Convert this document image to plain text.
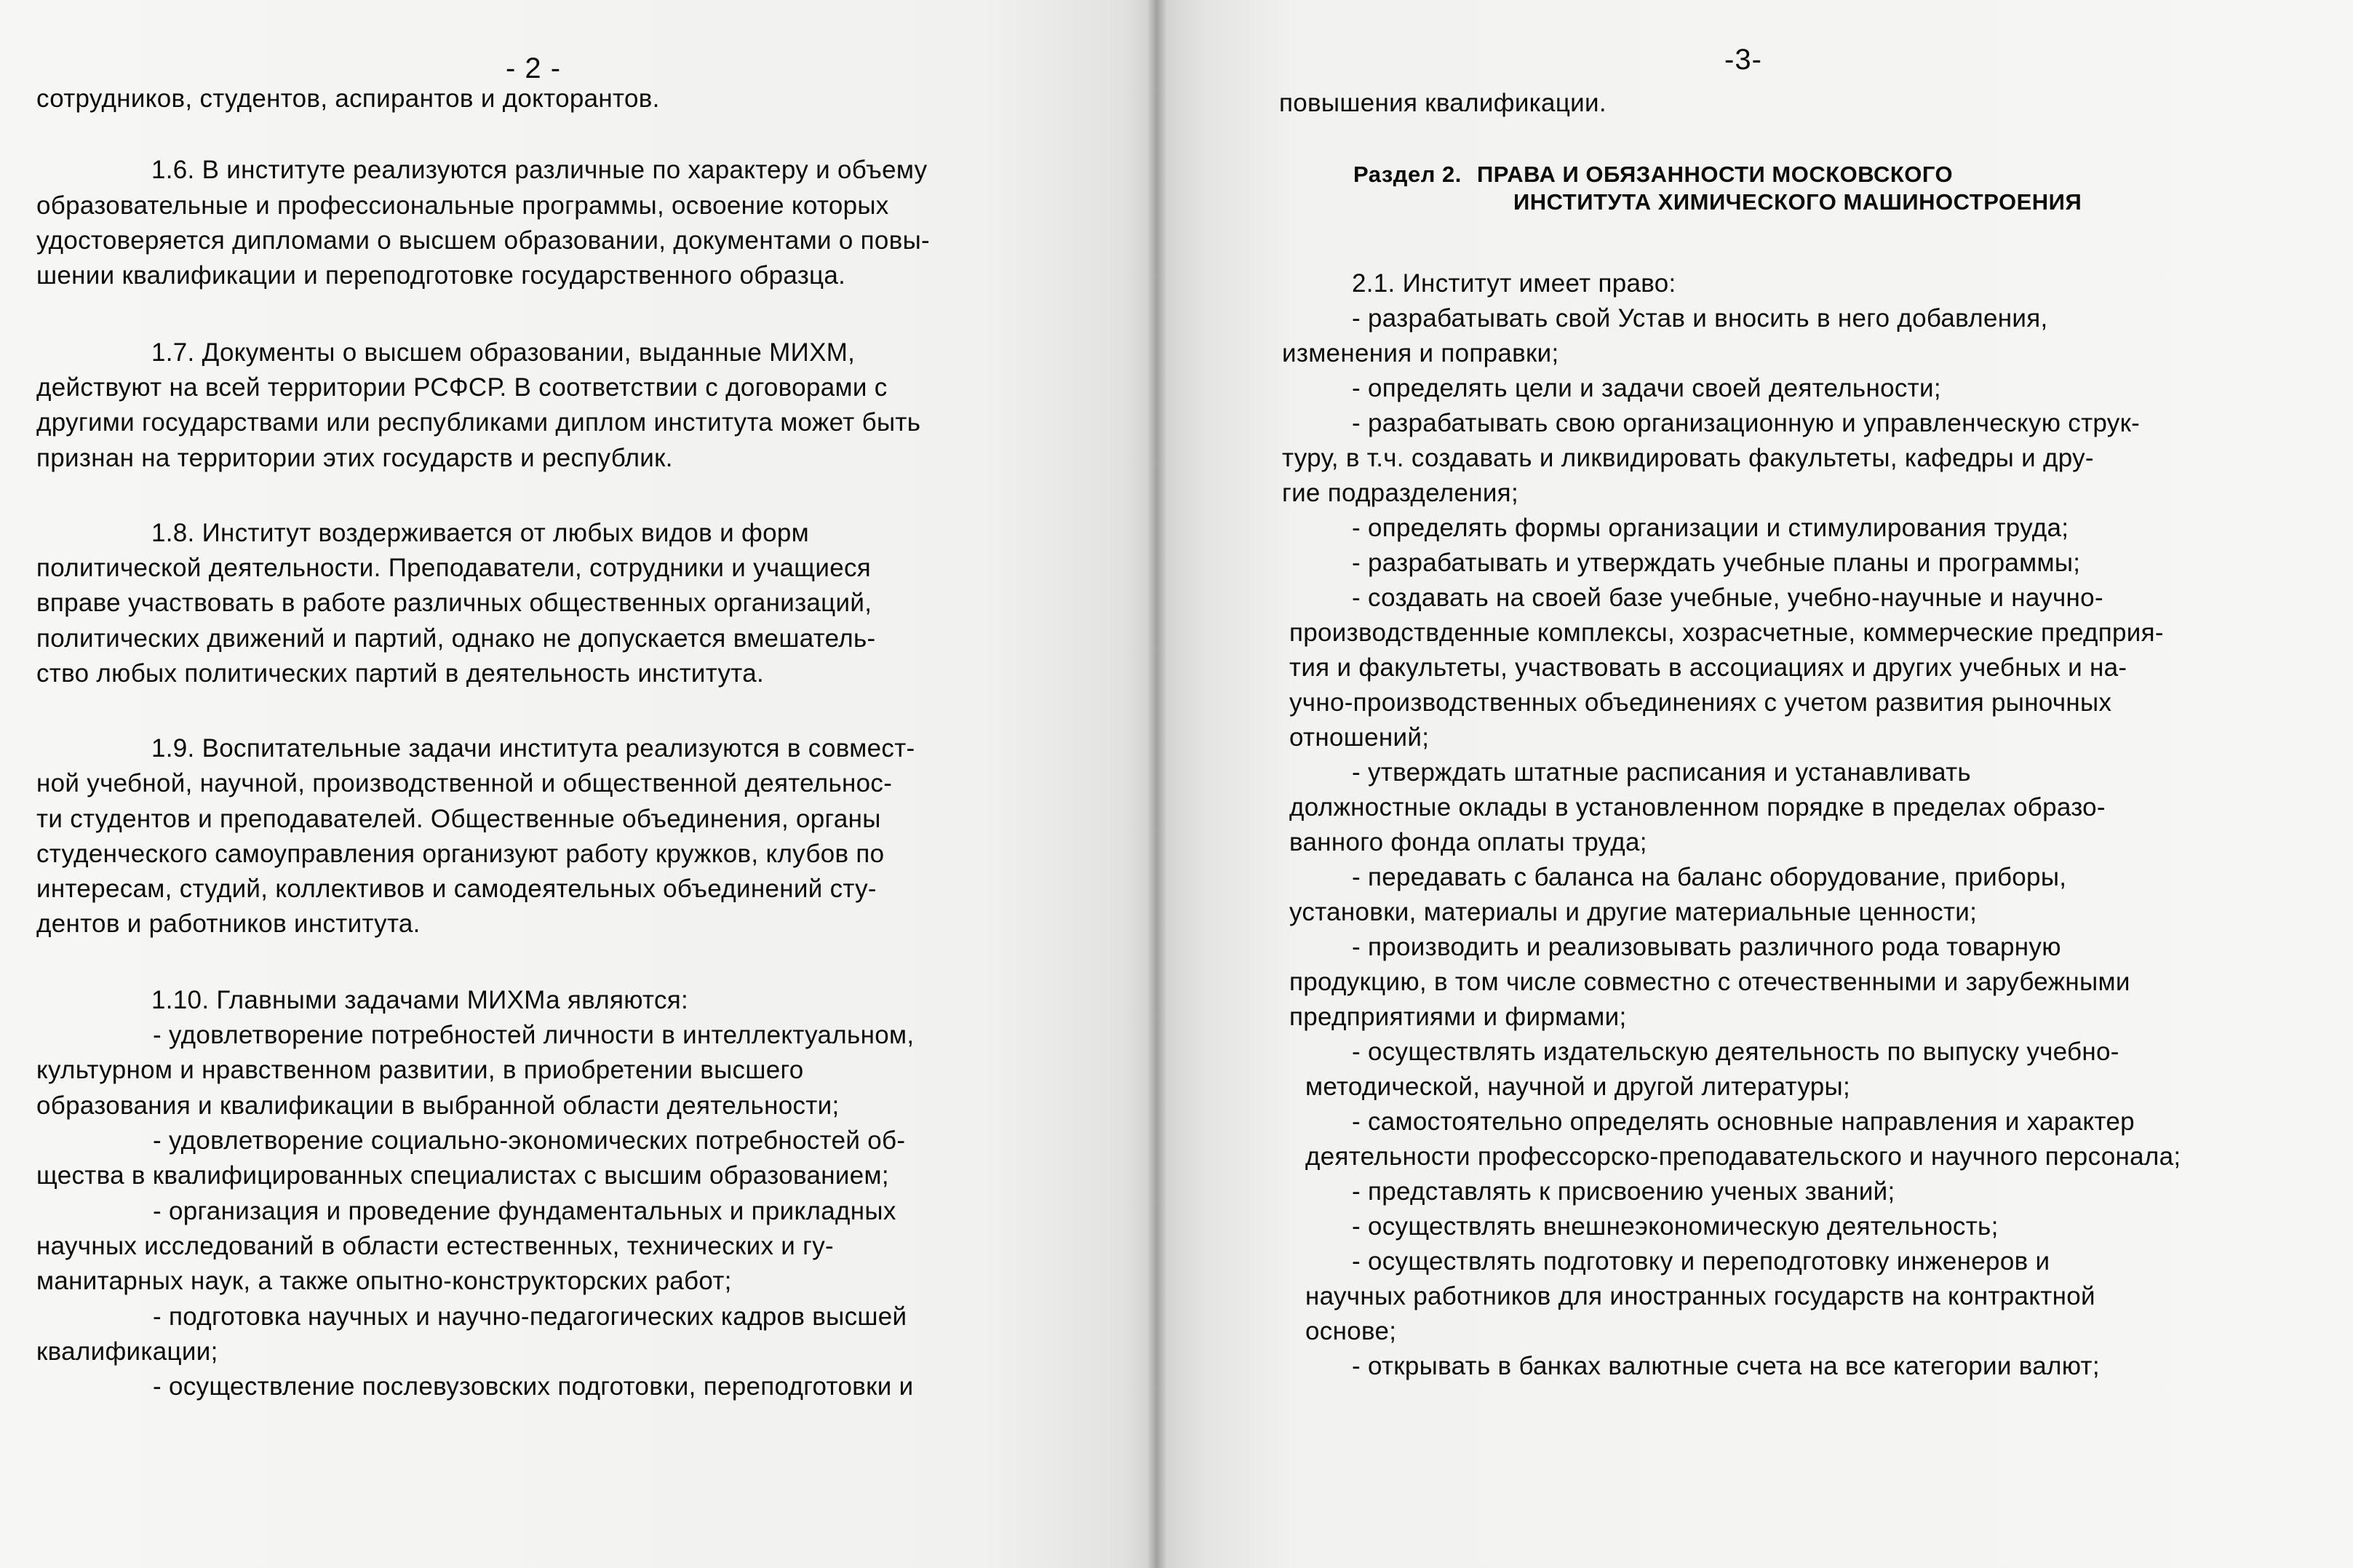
- 2 -
сотрудников, студентов, аспирантов и докторантов.
1.6. В институте реализуются различные по характеру и объему
образовательные и профессиональные программы, освоение которых
удостоверяется дипломами о высшем образовании, документами о повы-
шении квалификации и переподготовке государственного образца.
1.7. Документы о высшем образовании, выданные МИХМ,
действуют на всей территории РСФСР. В соответствии с договорами с
другими государствами или республиками диплом института может быть
признан на территории этих государств и республик.
1.8. Институт воздерживается от любых видов и форм
политической деятельности. Преподаватели, сотрудники и учащиеся
вправе участвовать в работе различных общественных организаций,
политических движений и партий, однако не допускается вмешатель-
ство любых политических партий в деятельность института.
1.9. Воспитательные задачи института реализуются в совмест-
ной учебной, научной, производственной и общественной деятельнос-
ти студентов и преподавателей. Общественные объединения, органы
студенческого самоуправления организуют работу кружков, клубов по
интересам, студий, коллективов и самодеятельных объединений сту-
дентов и работников института.
1.10. Главными задачами МИХМа являются:
- удовлетворение потребностей личности в интеллектуальном,
культурном и нравственном развитии, в приобретении высшего
образования и квалификации в выбранной области деятельности;
- удовлетворение социально-экономических потребностей об-
щества в квалифицированных специалистах с высшим образованием;
- организация и проведение фундаментальных и прикладных
научных исследований в области естественных, технических и гу-
манитарных наук, а также опытно-конструкторских работ;
- подготовка научных и научно-педагогических кадров высшей
квалификации;
- осуществление послевузовских подготовки, переподготовки и
-3-
повышения квалификации.
Раздел 2. ПРАВА И ОБЯЗАННОСТИ МОСКОВСКОГО
ИНСТИТУТА ХИМИЧЕСКОГО МАШИНОСТРОЕНИЯ
2.1. Институт имеет право:
- разрабатывать свой Устав и вносить в него добавления,
изменения и поправки;
- определять цели и задачи своей деятельности;
- разрабатывать свою организационную и управленческую струк-
туру, в т.ч. создавать и ликвидировать факультеты, кафедры и дру-
гие подразделения;
- определять формы организации и стимулирования труда;
- разрабатывать и утверждать учебные планы и программы;
- создавать на своей базе учебные, учебно-научные и научно-
производствденные комплексы, хозрасчетные, коммерческие предприя-
тия и факультеты, участвовать в ассоциациях и других учебных и на-
учно-производственных объединениях с учетом развития рыночных
отношений;
- утверждать штатные расписания и устанавливать
должностные оклады в установленном порядке в пределах образо-
ванного фонда оплаты труда;
- передавать с баланса на баланс оборудование, приборы,
установки, материалы и другие материальные ценности;
- производить и реализовывать различного рода товарную
продукцию, в том числе совместно с отечественными и зарубежными
предприятиями и фирмами;
- осуществлять издательскую деятельность по выпуску учебно-
методической, научной и другой литературы;
- самостоятельно определять основные направления и характер
деятельности профессорско-преподавательского и научного персонала;
- представлять к присвоению ученых званий;
- осуществлять внешнеэкономическую деятельность;
- осуществлять подготовку и переподготовку инженеров и
научных работников для иностранных государств на контрактной
основе;
- открывать в банках валютные счета на все категории валют;
